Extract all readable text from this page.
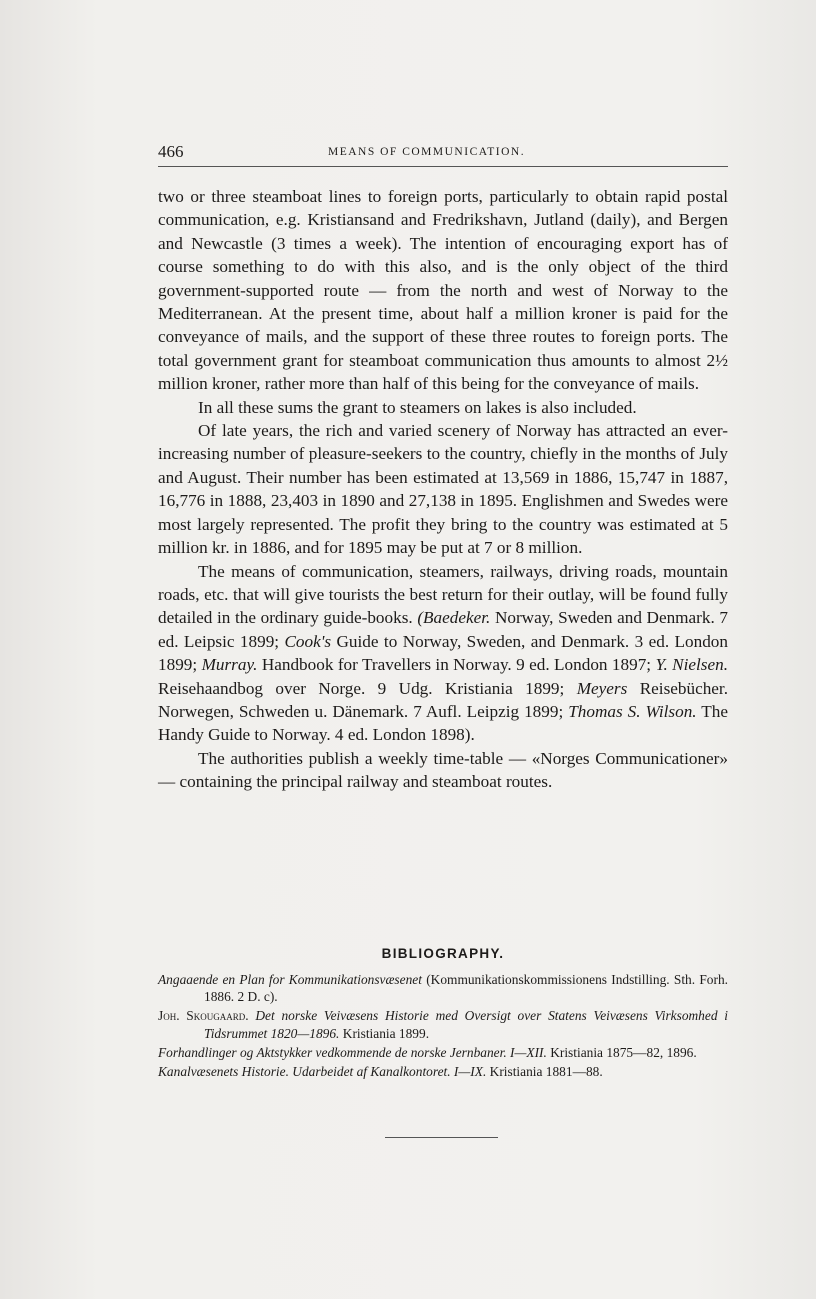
466	MEANS OF COMMUNICATION.

two or three steamboat lines to foreign ports, particularly to obtain rapid postal communication, e.g. Kristiansand and Fredrikshavn, Jutland (daily), and Bergen and Newcastle (3 times a week). The intention of encouraging export has of course something to do with this also, and is the only object of the third government-supported route — from the north and west of Norway to the Mediterranean. At the present time, about half a million kroner is paid for the conveyance of mails, and the support of these three routes to foreign ports. The total government grant for steamboat communication thus amounts to almost 2½ million kroner, rather more than half of this being for the conveyance of mails.

In all these sums the grant to steamers on lakes is also included.

Of late years, the rich and varied scenery of Norway has attracted an ever-increasing number of pleasure-seekers to the country, chiefly in the months of July and August. Their number has been estimated at 13,569 in 1886, 15,747 in 1887, 16,776 in 1888, 23,403 in 1890 and 27,138 in 1895. Englishmen and Swedes were most largely represented. The profit they bring to the country was estimated at 5 million kr. in 1886, and for 1895 may be put at 7 or 8 million.

The means of communication, steamers, railways, driving roads, mountain roads, etc. that will give tourists the best return for their outlay, will be found fully detailed in the ordinary guide-books. (Baedeker. Norway, Sweden and Denmark. 7 ed. Leipsic 1899; Cook's Guide to Norway, Sweden, and Denmark. 3 ed. London 1899; Murray. Handbook for Travellers in Norway. 9 ed. London 1897; Y. Nielsen. Reisehaandbog over Norge. 9 Udg. Kristiania 1899; Meyers Reisebücher. Norwegen, Schweden u. Dänemark. 7 Aufl. Leipzig 1899; Thomas S. Wilson. The Handy Guide to Norway. 4 ed. London 1898).

The authorities publish a weekly time-table — «Norges Communicationer» — containing the principal railway and steamboat routes.

BIBLIOGRAPHY.
Angaaende en Plan for Kommunikationsvæsenet (Kommunikationskommissionens Indstilling. Sth. Forh. 1886. 2 D. c).
Joh. Skougaard. Det norske Veivæsens Historie med Oversigt over Statens Veivæsens Virksomhed i Tidsrummet 1820—1896. Kristiania 1899.
Forhandlinger og Aktstykker vedkommende de norske Jernbaner. I—XII. Kristiania 1875—82, 1896.
Kanalvæsenets Historie. Udarbeidet af Kanalkontoret. I—IX. Kristiania 1881—88.
